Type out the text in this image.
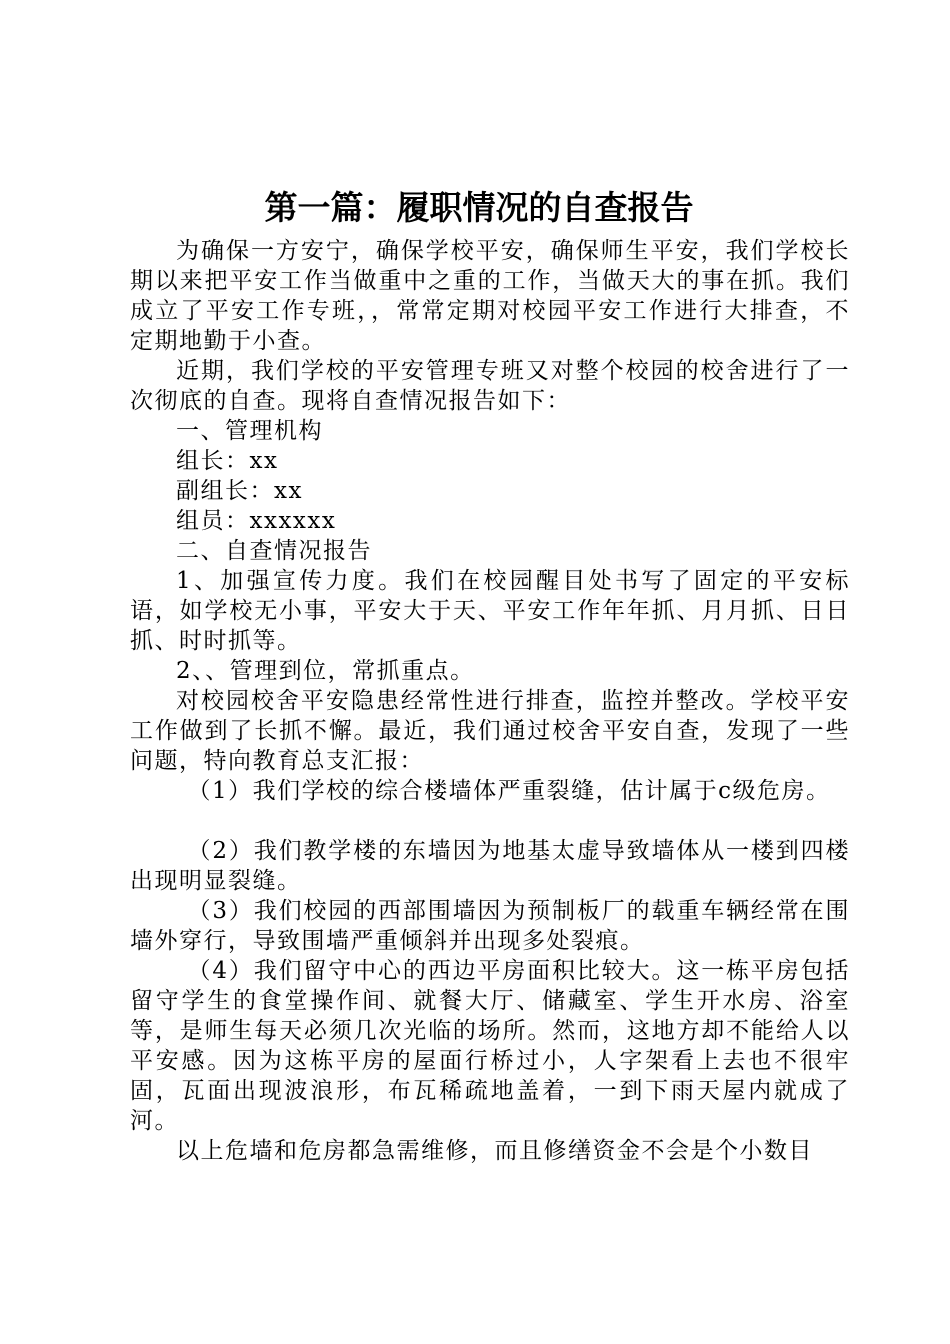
第一篇：履职情况的自查报告

为确保一方安宁，确保学校平安，确保师生平安，我们学校长期以来把平安工作当做重中之重的工作，当做天大的事在抓。我们成立了平安工作专班，，常常定期对校园平安工作进行大排查，不定期地勤于小查。

近期，我们学校的平安管理专班又对整个校园的校舍进行了一次彻底的自查。现将自查情况报告如下：

一、管理机构

组长：xx

副组长：xx

组员：xxxxxx

二、自查情况报告

1、加强宣传力度。我们在校园醒目处书写了固定的平安标语，如学校无小事，平安大于天、平安工作年年抓、月月抓、日日抓、时时抓等。

2、、管理到位，常抓重点。

对校园校舍平安隐患经常性进行排查，监控并整改。学校平安工作做到了长抓不懈。最近，我们通过校舍平安自查，发现了一些问题，特向教育总支汇报：

（1）我们学校的综合楼墙体严重裂缝，估计属于c级危房。

（2）我们教学楼的东墙因为地基太虚导致墙体从一楼到四楼出现明显裂缝。

（3）我们校园的西部围墙因为预制板厂的载重车辆经常在围墙外穿行，导致围墙严重倾斜并出现多处裂痕。

（4）我们留守中心的西边平房面积比较大。这一栋平房包括留守学生的食堂操作间、就餐大厅、储藏室、学生开水房、浴室等，是师生每天必须几次光临的场所。然而，这地方却不能给人以平安感。因为这栋平房的屋面行桥过小，人字架看上去也不很牢固，瓦面出现波浪形，布瓦稀疏地盖着，一到下雨天屋内就成了河。

以上危墙和危房都急需维修，而且修缮资金不会是个小数目
